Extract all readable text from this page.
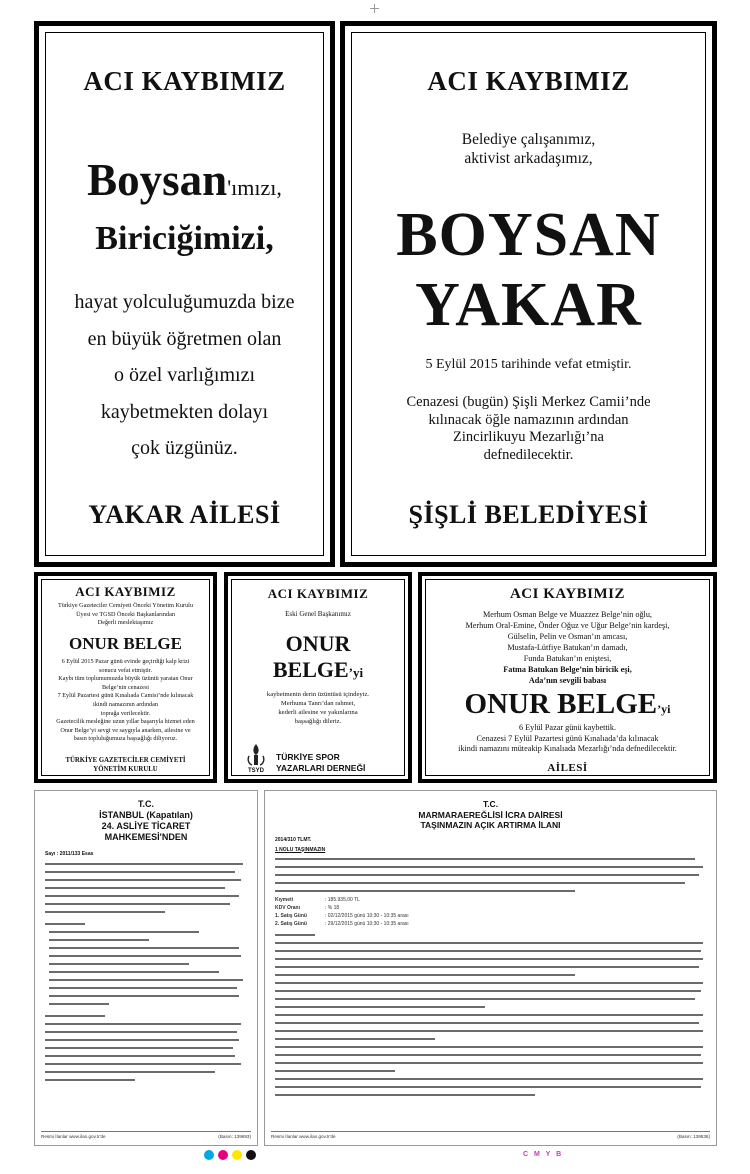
ACI KAYBIMIZ
Boysan'ımızı,
Biriciğimizi,
hayat yolculuğumuzda bize
en büyük öğretmen olan
o özel varlığımızı
kaybetmekten dolayı
çok üzgünüz.
YAKAR AİLESİ
ACI KAYBIMIZ
Belediye çalışanımız,
aktivist arkadaşımız,
BOYSAN
YAKAR
5 Eylül 2015 tarihinde vefat etmiştir.
Cenazesi (bugün) Şişli Merkez Camii’nde
kılınacak öğle namazının ardından
Zincirlikuyu Mezarlığı’na
defnedilecektir.
ŞİŞLİ BELEDİYESİ
ACI KAYBIMIZ
Türkiye Gazeteciler Cemiyeti Önceki Yönetim Kurulu
Üyesi ve TGSD Önceki Başkanlarından
Değerli meslektaşımız
ONUR BELGE
6 Eylül 2015 Pazar günü evinde geçirdiği kalp krizi
sonucu vefat etmiştir.
Kaybı tüm toplumumuzda büyük üzüntü yaratan Onur
Belge’nin cenazesi
7 Eylül Pazartesi günü Kınalıada Camisi’nde kılınacak
ikindi namazının ardından
toprağa verilecektir.
Gazetecilik mesleğine uzun yıllar başarıyla hizmet eden
Onur Belge’yi sevgi ve saygıyla anarken, ailesine ve
basın topluluğumuza başsağlığı diliyoruz.
TÜRKİYE GAZETECİLER CEMİYETİ
YÖNETİM KURULU
ACI KAYBIMIZ
Eski Genel Başkanımız
ONUR
BELGE’yi
kaybetmenin derin üzüntüsü içindeyiz.
Merhuma Tanrı’dan rahmet,
kederli ailesine ve yakınlarına
başsağlığı dileriz.
TSYD
TÜRKİYE SPOR
YAZARLARI DERNEĞİ
ACI KAYBIMIZ
Merhum Osman Belge ve Muazzez Belge’nin oğlu,
Merhum Oral-Emine, Önder Oğuz ve Uğur Belge’nin kardeşi,
Gülselin, Pelin ve Osman’ın amcası,
Mustafa-Lütfiye Batukan’ın damadı,
Funda Batukan’ın eniştesi,
Fatma Batukan Belge’nin biricik eşi,
Ada’nın sevgili babası
ONUR BELGE’yi
6 Eylül Pazar günü kaybettik.
Cenazesi 7 Eylül Pazartesi günü Kınalıada’da kılınacak
ikindi namazını müteakip Kınalıada Mezarlığı’nda defnedilecektir.
AİLESİ
T.C.
İSTANBUL (Kapatılan)
24. ASLİYE TİCARET
MAHKEMESİ'NDEN
Sayı : 2011/133 Esas
Resmi İlanlar www.ilan.gov.tr'de	(Basın: 139693)
T.C.
MARMARAEREĞLİSİ İCRA DAİRESİ
TAŞINMAZIN AÇIK ARTIRMA İLANI
2014/310 TLMT.
1 NOLU TAŞINMAZIN
Kıymeti	: 185.935,00 TL
KDV Oranı	: % 18
1. Satış Günü	: 02/12/2015 günü 10:30 - 10:35 arası
2. Satış Günü	: 29/12/2015 günü 10:30 - 10:35 arası
Resmi İlanlar www.ilan.gov.tr'de	(Basın: 139536)
C M Y B
